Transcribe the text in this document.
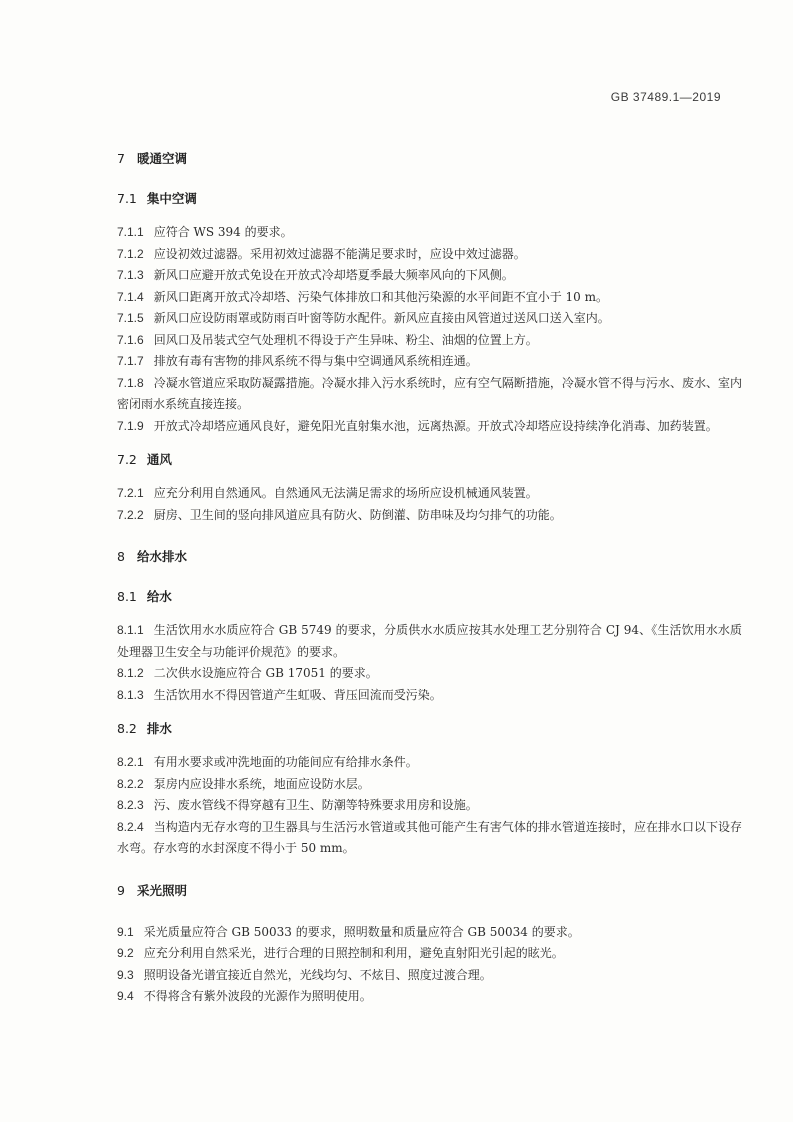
GB 37489.1—2019
7 暖通空调
7.1 集中空调
7.1.1 应符合 WS 394 的要求。
7.1.2 应设初效过滤器。采用初效过滤器不能满足要求时，应设中效过滤器。
7.1.3 新风口应避开放式免设在开放式冷却塔夏季最大频率风向的下风侧。
7.1.4 新风口距离开放式冷却塔、污染气体排放口和其他污染源的水平间距不宜小于 10 m。
7.1.5 新风口应设防雨罩或防雨百叶窗等防水配件。新风应直接由风管道过送风口送入室内。
7.1.6 回风口及吊装式空气处理机不得设于产生异味、粉尘、油烟的位置上方。
7.1.7 排放有毒有害物的排风系统不得与集中空调通风系统相连通。
7.1.8 冷凝水管道应采取防凝露措施。冷凝水排入污水系统时，应有空气隔断措施，冷凝水管不得与污水、废水、室内密闭雨水系统直接连接。
7.1.9 开放式冷却塔应通风良好，避免阳光直射集水池，远离热源。开放式冷却塔应设持续净化消毒、加药装置。
7.2 通风
7.2.1 应充分利用自然通风。自然通风无法满足需求的场所应设机械通风装置。
7.2.2 厨房、卫生间的竖向排风道应具有防火、防倒灌、防串味及均匀排气的功能。
8 给水排水
8.1 给水
8.1.1 生活饮用水水质应符合 GB 5749 的要求，分质供水水质应按其水处理工艺分别符合 CJ 94、《生活饮用水水质处理器卫生安全与功能评价规范》的要求。
8.1.2 二次供水设施应符合 GB 17051 的要求。
8.1.3 生活饮用水不得因管道产生虹吸、背压回流而受污染。
8.2 排水
8.2.1 有用水要求或冲洗地面的功能间应有给排水条件。
8.2.2 泵房内应设排水系统，地面应设防水层。
8.2.3 污、废水管线不得穿越有卫生、防潮等特殊要求用房和设施。
8.2.4 当构造内无存水弯的卫生器具与生活污水管道或其他可能产生有害气体的排水管道连接时，应在排水口以下设存水弯。存水弯的水封深度不得小于 50 mm。
9 采光照明
9.1 采光质量应符合 GB 50033 的要求，照明数量和质量应符合 GB 50034 的要求。
9.2 应充分利用自然采光，进行合理的日照控制和利用，避免直射阳光引起的眩光。
9.3 照明设备光谱宜接近自然光，光线均匀、不炫目、照度过渡合理。
9.4 不得将含有紫外波段的光源作为照明使用。
